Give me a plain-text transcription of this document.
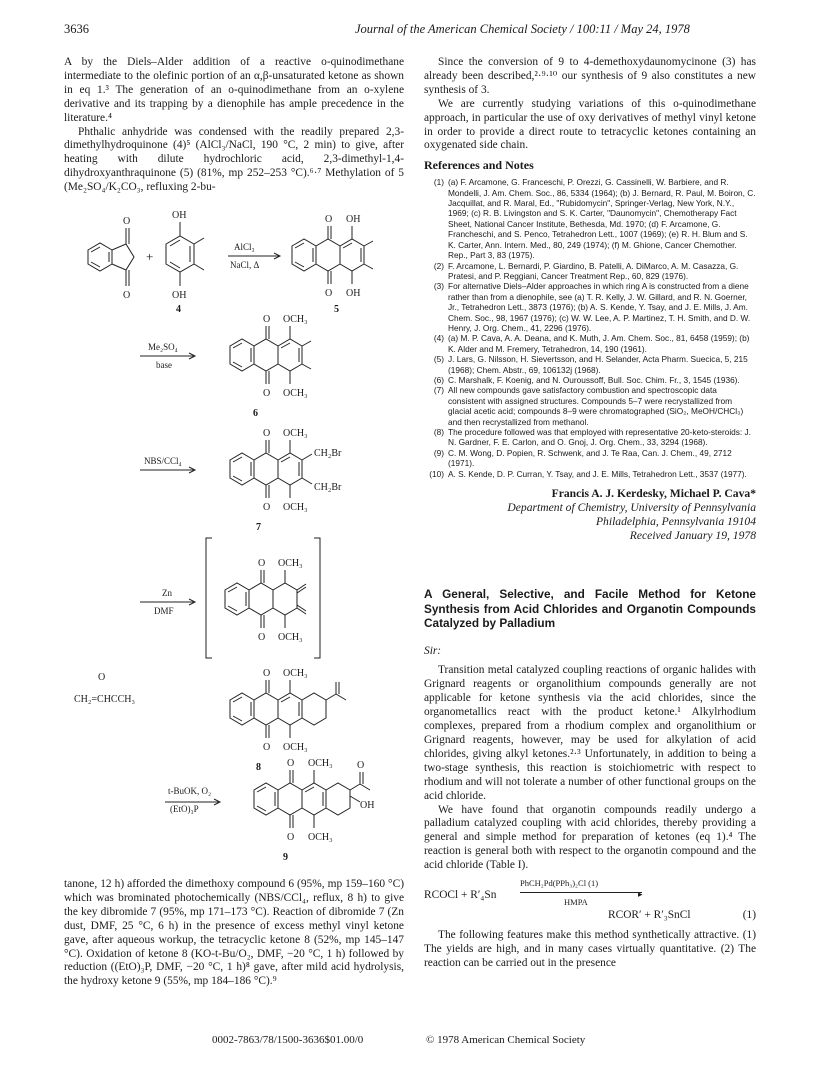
3636	Journal of the American Chemical Society / 100:11 / May 24, 1978

A by the Diels–Alder addition of a reactive o-quinodimethane intermediate to the olefinic portion of an α,β-unsaturated ketone as shown in eq 1.³ The generation of an o-quinodimethane from an o-xylene derivative and its trapping by a dienophile has ample precedence in the literature.⁴

Phthalic anhydride was condensed with the readily prepared 2,3-dimethylhydroquinone (4)⁵ (AlCl₃/NaCl, 190 °C, 2 min) to give, after heating with dilute hydrochloric acid, 2,3-dimethyl-1,4-dihydroxyanthraquinone (5) (81%, mp 252–253 °C).⁶·⁷ Methylation of 5 (Me₂SO₄/K₂CO₃, refluxing 2-bu-

O
O
OH
OH
+
O
O
OH
OH
O
O
OCH₃
OCH₃
O
O
OCH₃
OCH₃
CH₂Br
CH₂Br
O
O
OCH₃
OCH₃
O
CH₂=CHCCH₃
O
O
OCH₃
OCH₃
O
O
OCH₃
OCH₃
O
OH
AlCl₃
NaCl, Δ
Me₂SO₄
base
NBS/CCl₄
Zn
DMF
t-BuOK, O₂
(EtO)₃P
4	5
6
7
8
9

tanone, 12 h) afforded the dimethoxy compound 6 (95%, mp 159–160 °C) which was brominated photochemically (NBS/CCl₄, reflux, 8 h) to give the key dibromide 7 (95%, mp 171–173 °C). Reaction of dibromide 7 (Zn dust, DMF, 25 °C, 6 h) in the presence of excess methyl vinyl ketone gave, after aqueous workup, the tetracyclic ketone 8 (52%, mp 145–147 °C). Oxidation of ketone 8 (KO-t-Bu/O₂, DMF, −20 °C, 1 h) followed by reduction ((EtO)₃P, DMF, −20 °C, 1 h)⁸ gave, after mild acid hydrolysis, the hydroxy ketone 9 (55%, mp 184–186 °C).⁹

0002-7863/78/1500-3636$01.00/0	© 1978 American Chemical Society

Since the conversion of 9 to 4-demethoxydaunomycinone (3) has already been described,²·⁹·¹⁰ our synthesis of 9 also constitutes a new synthesis of 3.

We are currently studying variations of this o-quinodimethane approach, in particular the use of oxy derivatives of methyl vinyl ketone in order to provide a direct route to tetracyclic ketones containing an oxygenated side chain.

References and Notes
(1) (a) F. Arcamone, G. Franceschi, P. Orezzi, G. Cassinelli, W. Barbiere, and R. Mondelli, J. Am. Chem. Soc., 86, 5334 (1964); (b) J. Bernard, R. Paul, M. Boiron, C. Jacquillat, and R. Maral, Ed., "Rubidomycin", Springer-Verlag, New York, N.Y., 1969; (c) R. B. Livingston and S. K. Carter, "Daunomycin", Chemotherapy Fact Sheet, National Cancer Institute, Bethesda, Md. 1970; (d) F. Arcamone, G. Francheschi, and S. Penco, Tetrahedron Lett., 1007 (1969); (e) R. H. Blum and S. K. Carter, Ann. Intern. Med., 80, 249 (1974); (f) M. Ghione, Cancer Chemother. Rep., Part 3, 83 (1975).
(2) F. Arcamone, L. Bernardi, P. Giardino, B. Patelli, A. DiMarco, A. M. Casazza, G. Pratesi, and P. Reggiani, Cancer Treatment Rep., 60, 829 (1976).
(3) For alternative Diels–Alder approaches in which ring A is constructed from a diene rather than from a dienophile, see (a) T. R. Kelly, J. W. Gillard, and R. N. Goerner, Jr., Tetrahedron Lett., 3873 (1976); (b) A. S. Kende, Y. Tsay, and J. E. Mills, J. Am. Chem. Soc., 98, 1967 (1976); (c) W. W. Lee, A. P. Martinez, T. H. Smith, and D. W. Henry, J. Org. Chem., 41, 2296 (1976).
(4) (a) M. P. Cava, A. A. Deana, and K. Muth, J. Am. Chem. Soc., 81, 6458 (1959); (b) K. Alder and M. Fremery, Tetrahedron, 14, 190 (1961).
(5) J. Lars, G. Nilsson, H. Sievertsson, and H. Selander, Acta Pharm. Suecica, 5, 215 (1968); Chem. Abstr., 69, 106132j (1968).
(6) C. Marshalk, F. Koenig, and N. Ouroussoff, Bull. Soc. Chim. Fr., 3, 1545 (1936).
(7) All new compounds gave satisfactory combustion and spectroscopic data consistent with assigned structures. Compounds 5–7 were recrystallized from glacial acetic acid; compounds 8–9 were chromatographed (SiO₂, MeOH/CHCl₃) and then recrystallized from methanol.
(8) The procedure followed was that employed with representative 20-keto-steroids: J. N. Gardner, F. E. Carlon, and O. Gnoj, J. Org. Chem., 33, 3294 (1968).
(9) C. M. Wong, D. Popien, R. Schwenk, and J. Te Raa, Can. J. Chem., 49, 2712 (1971).
(10) A. S. Kende, D. P. Curran, Y. Tsay, and J. E. Mills, Tetrahedron Lett., 3537 (1977).
Francis A. J. Kerdesky, Michael P. Cava*
Department of Chemistry, University of Pennsylvania
Philadelphia, Pennsylvania 19104
Received January 19, 1978
A General, Selective, and Facile Method for Ketone Synthesis from Acid Chlorides and Organotin Compounds Catalyzed by Palladium
Sir:

Transition metal catalyzed coupling reactions of organic halides with Grignard reagents or organolithium compounds generally are not applicable for ketone synthesis via the acid chlorides, since the organometallics react with the product ketone.¹ Alkylrhodium complexes, prepared from a rhodium complex and organolithium or Grignard reagents, however, may be used for alkylation of acid chlorides, giving alkyl ketones.²·³ Unfortunately, in addition to being a two-stage synthesis, this reaction is stoichiometric with respect to rhodium and will not tolerate a number of other functional groups on the acid chloride.

We have found that organotin compounds readily undergo a palladium catalyzed coupling with acid chlorides, thereby providing a general and simple method for preparation of ketones (eq 1).⁴ The reaction is general both with respect to the organotin compound and the acid chloride (Table I).

RCOCl + R′₄Sn
PhCH₂Pd(PPh₃)₂Cl (1)
▸
HMPA
RCOR′ + R′₃SnCl	(1)

The following features make this method synthetically attractive. (1) The yields are high, and in many cases virtually quantitative. (2) The reaction can be carried out in the presence
